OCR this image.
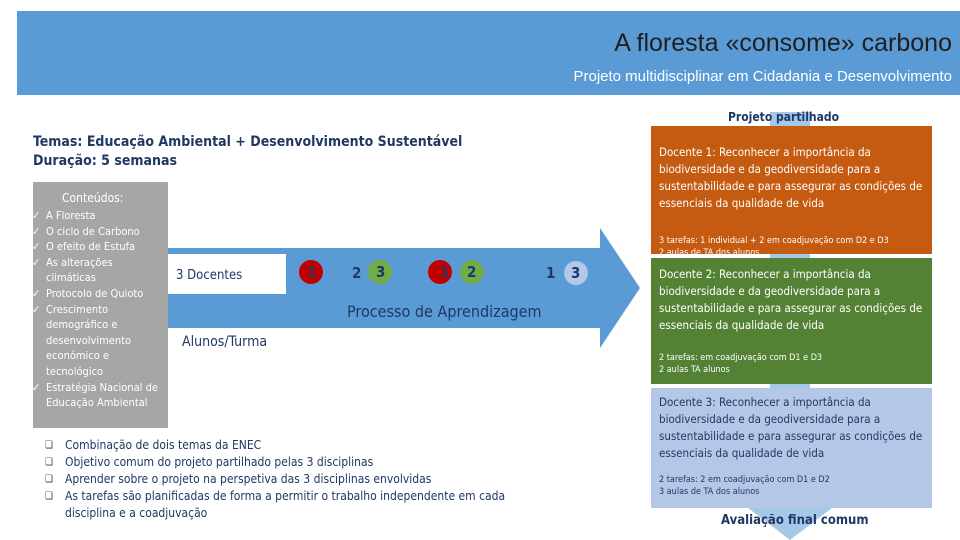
A floresta «consome» carbono
Projeto multidisciplinar em Cidadania e Desenvolvimento
Temas: Educação Ambiental + Desenvolvimento Sustentável
Duração: 5 semanas
Conteúdos:
✓ A Floresta
✓ O ciclo de Carbono
✓ O efeito de Estufa
✓ As alterações climáticas
✓ Protocolo de Quioto
✓ Crescimento demográfico e desenvolvimento económico e tecnológico
✓ Estratégia Nacional de Educação Ambiental
3 Docentes
Alunos/Turma
1 2 3	1 2	1 3
Processo de Aprendizagem
❏ Combinação de dois temas da ENEC
❏ Objetivo comum do projeto partilhado pelas 3 disciplinas
❏ Aprender sobre o projeto na perspetiva das 3 disciplinas envolvidas
❏ As tarefas são planificadas de forma a permitir o trabalho independente em cada disciplina e a coadjuvação
Projeto partilhado
Docente 1: Reconhecer a importância da biodiversidade e da geodiversidade para a sustentabilidade e para assegurar as condições de essenciais da qualidade de vida
3 tarefas: 1 individual + 2 em coadjuvação com D2 e D3
2 aulas de TA dos alunos
Docente 2: Reconhecer a importância da biodiversidade e da geodiversidade para a sustentabilidade e para assegurar as condições de essenciais da qualidade de vida
2 tarefas: em coadjuvação com D1 e D3
2 aulas TA alunos
Docente 3: Reconhecer a importância da biodiversidade e da geodiversidade para a sustentabilidade e para assegurar as condições de essenciais da qualidade de vida
2 tarefas: 2 em coadjuvação com D1 e D2
3 aulas de TA dos alunos
Avaliação final comum
